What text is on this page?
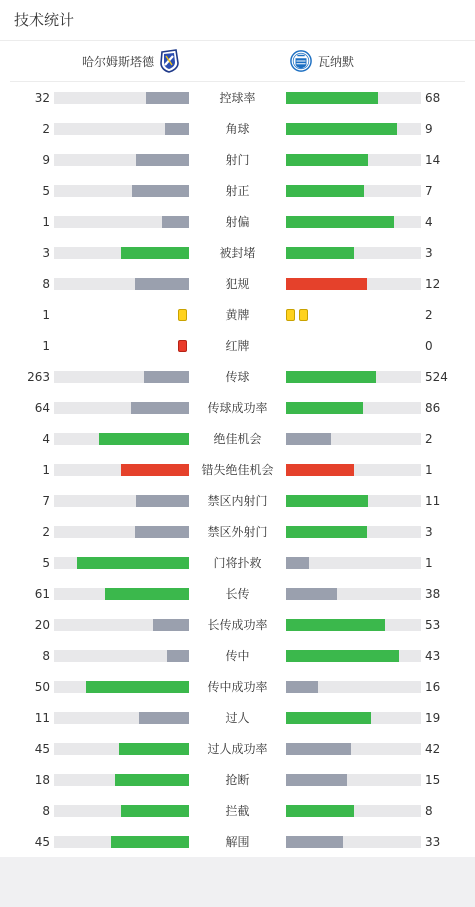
技术统计
哈尔姆斯塔德	瓦纳默
32	控球率	68
2	角球	9
9	射门	14
5	射正	7
1	射偏	4
3	被封堵	3
8	犯规	12
1	黄牌	2
1	红牌	0
263	传球	524
64	传球成功率	86
4	绝佳机会	2
1	错失绝佳机会	1
7	禁区内射门	11
2	禁区外射门	3
5	门将扑救	1
61	长传	38
20	长传成功率	53
8	传中	43
50	传中成功率	16
11	过人	19
45	过人成功率	42
18	抢断	15
8	拦截	8
45	解围	33
